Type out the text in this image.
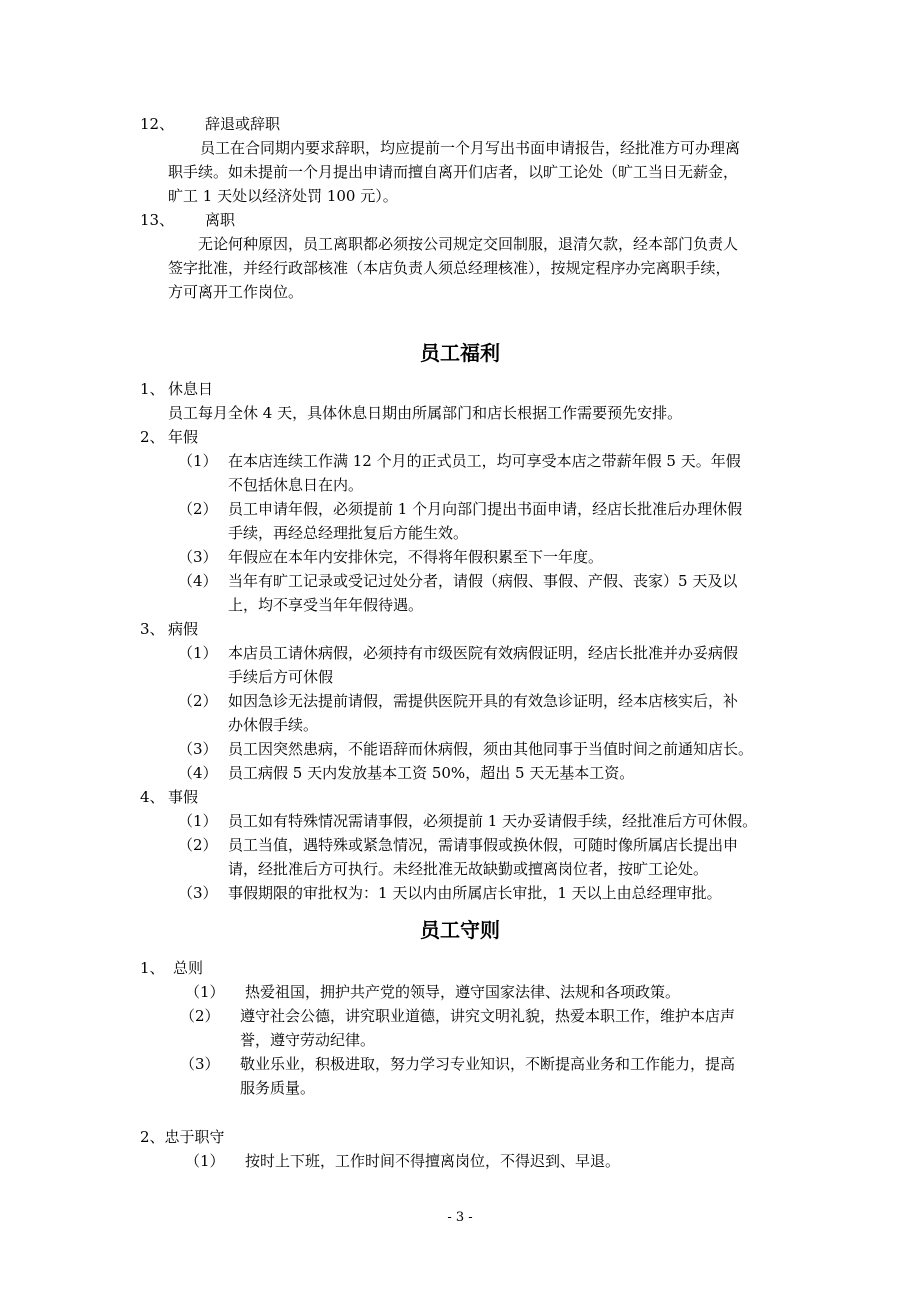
12、 辞退或辞职
员工在合同期内要求辞职，均应提前一个月写出书面申请报告，经批准方可办理离
职手续。如未提前一个月提出申请而擅自离开们店者，以旷工论处（旷工当日无薪金，
旷工 1 天处以经济处罚 100 元）。
13、 离职
无论何种原因，员工离职都必须按公司规定交回制服，退清欠款，经本部门负责人
签字批准，并经行政部核准（本店负责人须总经理核准），按规定程序办完离职手续，
方可离开工作岗位。
员工福利
1、 休息日
员工每月全休 4 天，具体休息日期由所属部门和店长根据工作需要预先安排。
2、 年假
（1） 在本店连续工作满 12 个月的正式员工，均可享受本店之带薪年假 5 天。年假
不包括休息日在内。
（2） 员工申请年假，必须提前 1 个月向部门提出书面申请，经店长批准后办理休假
手续，再经总经理批复后方能生效。
（3） 年假应在本年内安排休完，不得将年假积累至下一年度。
（4） 当年有旷工记录或受记过处分者，请假（病假、事假、产假、丧家）5 天及以
上，均不享受当年年假待遇。
3、 病假
（1） 本店员工请休病假，必须持有市级医院有效病假证明，经店长批准并办妥病假
手续后方可休假
（2） 如因急诊无法提前请假，需提供医院开具的有效急诊证明，经本店核实后，补
办休假手续。
（3） 员工因突然患病，不能语辞而休病假，须由其他同事于当值时间之前通知店长。
（4） 员工病假 5 天内发放基本工资 50%，超出 5 天无基本工资。
4、 事假
（1） 员工如有特殊情况需请事假，必须提前 1 天办妥请假手续，经批准后方可休假。
（2） 员工当值，遇特殊或紧急情况，需请事假或换休假，可随时像所属店长提出申
请，经批准后方可执行。未经批准无故缺勤或擅离岗位者，按旷工论处。
（3） 事假期限的审批权为：1 天以内由所属店长审批，1 天以上由总经理审批。
员工守则
1、 总则
（1） 热爱祖国，拥护共产党的领导，遵守国家法律、法规和各项政策。
（2） 遵守社会公德，讲究职业道德，讲究文明礼貌，热爱本职工作，维护本店声
誉，遵守劳动纪律。
（3） 敬业乐业，积极进取，努力学习专业知识，不断提高业务和工作能力，提高
服务质量。
2、忠于职守
（1） 按时上下班，工作时间不得擅离岗位，不得迟到、早退。
- 3 -
